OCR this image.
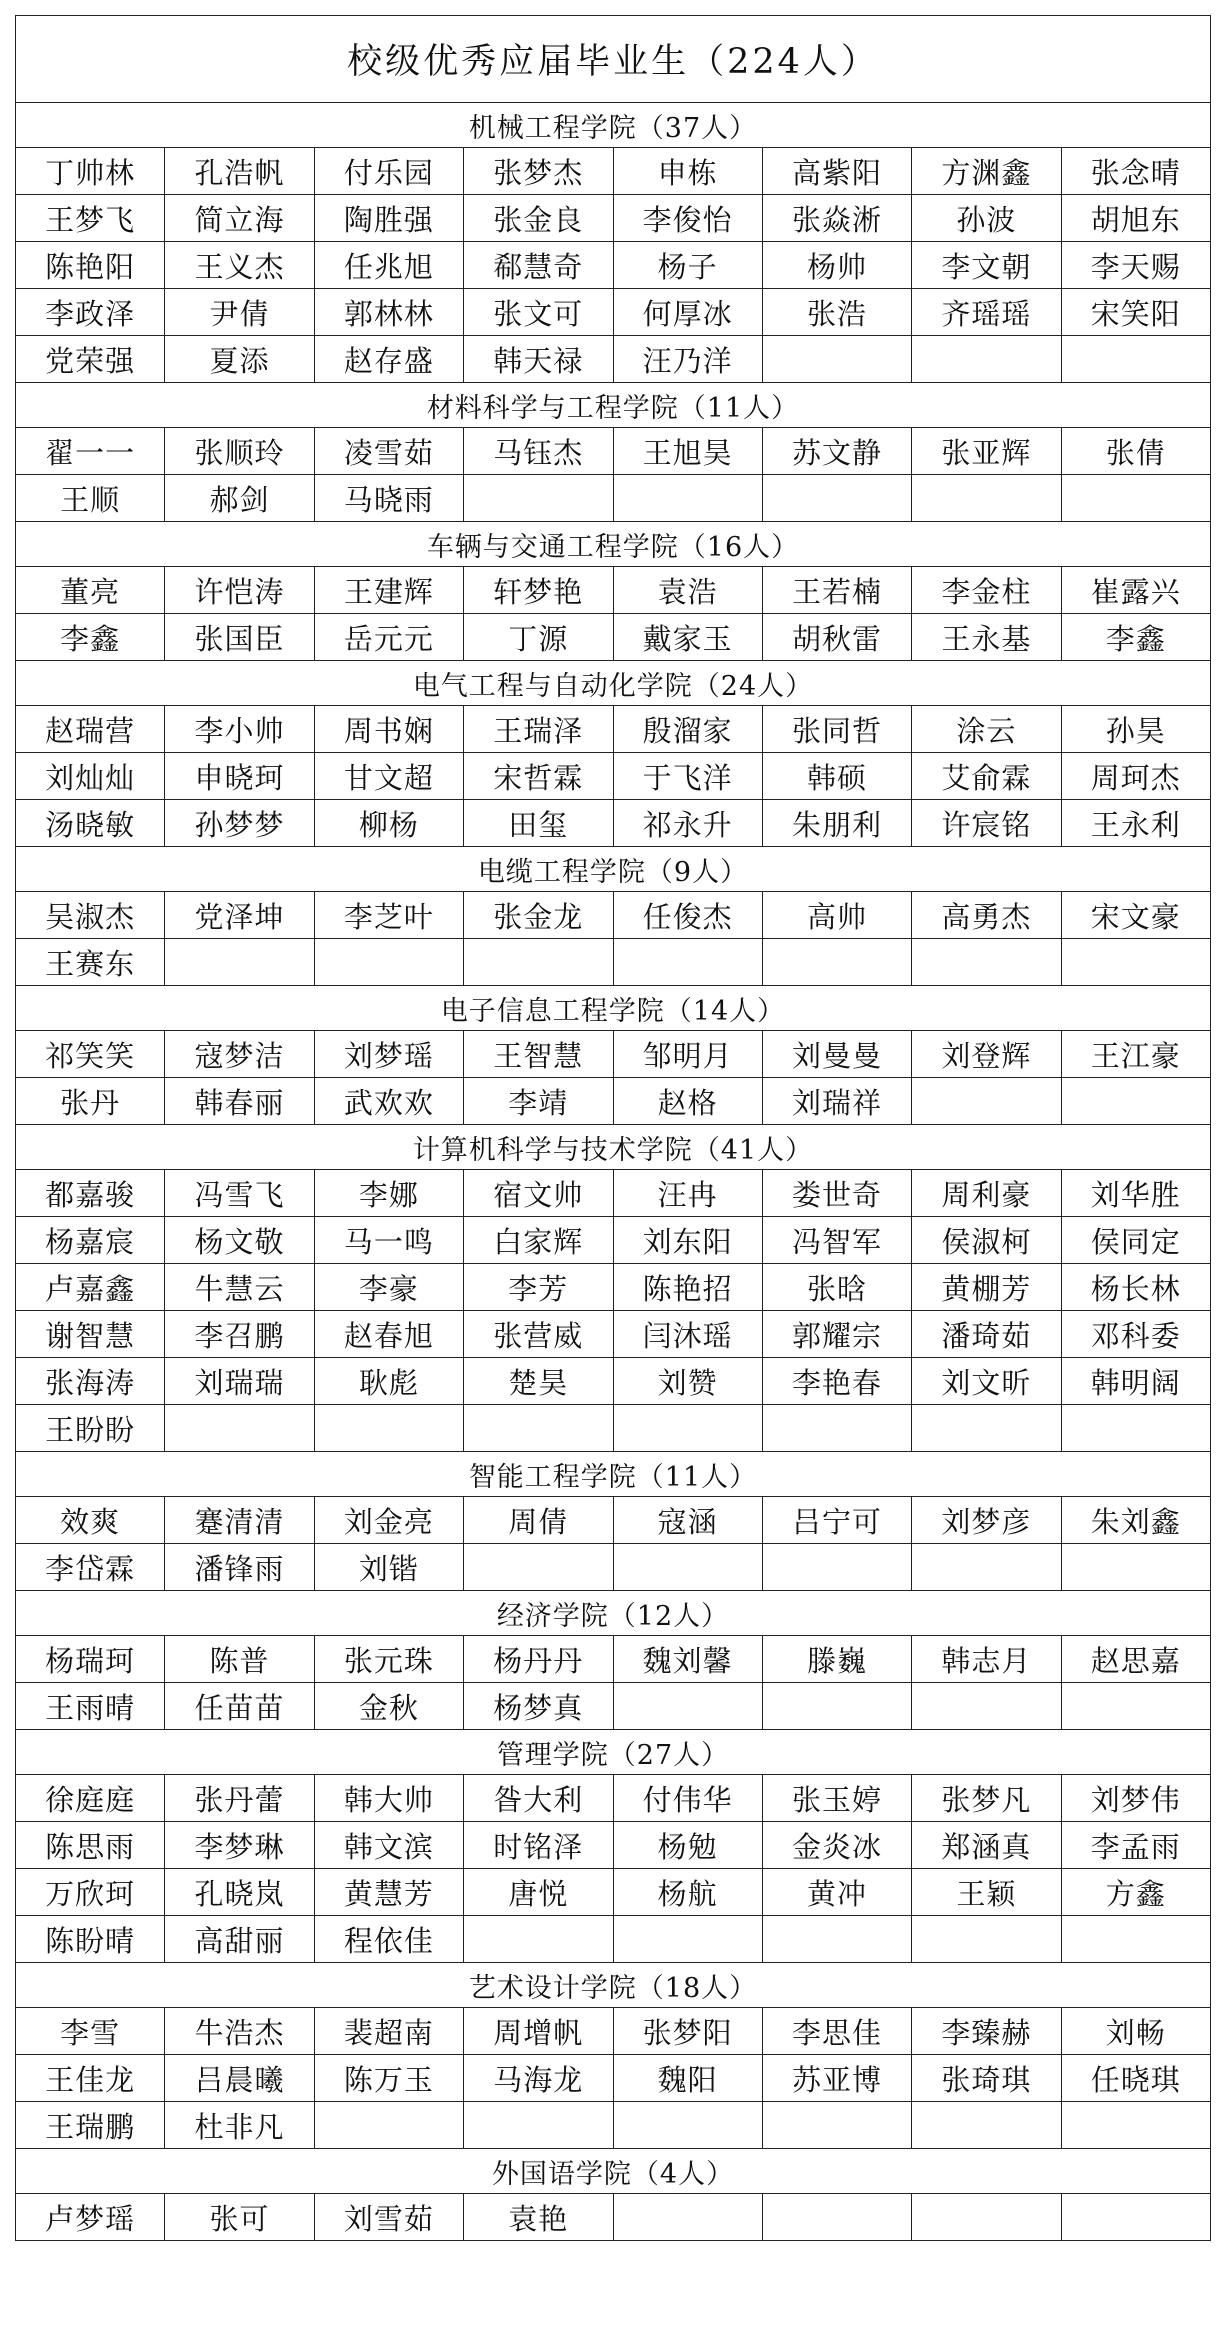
校级优秀应届毕业生（224人）							
机械工程学院（37人）							
丁帅林	孔浩帆	付乐园	张梦杰	申栋	高紫阳	方渊鑫	张念晴
王梦飞	简立海	陶胜强	张金良	李俊怡	张焱淅	孙波	胡旭东
陈艳阳	王义杰	任兆旭	郗慧奇	杨子	杨帅	李文朝	李天赐
李政泽	尹倩	郭林林	张文可	何厚冰	张浩	齐瑶瑶	宋笑阳
党荣强	夏添	赵存盛	韩天禄	汪乃洋			
材料科学与工程学院（11人）							
翟一一	张顺玲	凌雪茹	马钰杰	王旭昊	苏文静	张亚辉	张倩
王顺	郝剑	马晓雨					
车辆与交通工程学院（16人）							
董亮	许恺涛	王建辉	轩梦艳	袁浩	王若楠	李金柱	崔露兴
李鑫	张国臣	岳元元	丁源	戴家玉	胡秋雷	王永基	李鑫
电气工程与自动化学院（24人）							
赵瑞营	李小帅	周书娴	王瑞泽	殷溜家	张同哲	涂云	孙昊
刘灿灿	申晓珂	甘文超	宋哲霖	于飞洋	韩硕	艾俞霖	周珂杰
汤晓敏	孙梦梦	柳杨	田玺	祁永升	朱朋利	许宸铭	王永利
电缆工程学院（9人）							
吴淑杰	党泽坤	李芝叶	张金龙	任俊杰	高帅	高勇杰	宋文豪
王赛东							
电子信息工程学院（14人）							
祁笑笑	寇梦洁	刘梦瑶	王智慧	邹明月	刘曼曼	刘登辉	王江豪
张丹	韩春丽	武欢欢	李靖	赵格	刘瑞祥		
计算机科学与技术学院（41人）							
都嘉骏	冯雪飞	李娜	宿文帅	汪冉	娄世奇	周利豪	刘华胜
杨嘉宸	杨文敬	马一鸣	白家辉	刘东阳	冯智军	侯淑柯	侯同定
卢嘉鑫	牛慧云	李豪	李芳	陈艳招	张晗	黄棚芳	杨长林
谢智慧	李召鹏	赵春旭	张营威	闫沐瑶	郭耀宗	潘琦茹	邓科委
张海涛	刘瑞瑞	耿彪	楚昊	刘赞	李艳春	刘文昕	韩明阔
王盼盼							
智能工程学院（11人）							
效爽	蹇清清	刘金亮	周倩	寇涵	吕宁可	刘梦彦	朱刘鑫
李岱霖	潘锋雨	刘锴					
经济学院（12人）							
杨瑞珂	陈普	张元珠	杨丹丹	魏刘馨	滕巍	韩志月	赵思嘉
王雨晴	任苗苗	金秋	杨梦真				
管理学院（27人）							
徐庭庭	张丹蕾	韩大帅	昝大利	付伟华	张玉婷	张梦凡	刘梦伟
陈思雨	李梦琳	韩文滨	时铭泽	杨勉	金炎冰	郑涵真	李孟雨
万欣珂	孔晓岚	黄慧芳	唐悦	杨航	黄冲	王颖	方鑫
陈盼晴	高甜丽	程依佳					
艺术设计学院（18人）							
李雪	牛浩杰	裴超南	周增帆	张梦阳	李思佳	李臻赫	刘畅
王佳龙	吕晨曦	陈万玉	马海龙	魏阳	苏亚博	张琦琪	任晓琪
王瑞鹏	杜非凡						
外国语学院（4人）							
卢梦瑶	张可	刘雪茹	袁艳				
